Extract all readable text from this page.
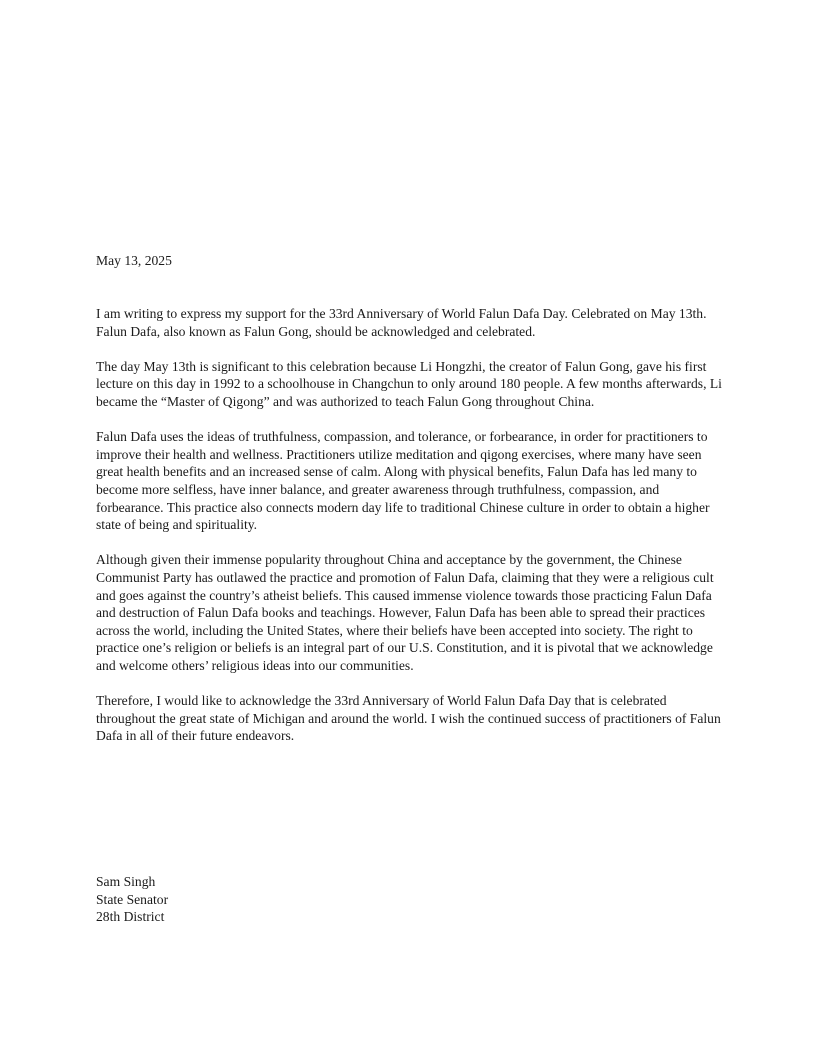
May 13, 2025

I am writing to express my support for the 33rd Anniversary of World Falun Dafa Day. Celebrated on May 13th. Falun Dafa, also known as Falun Gong, should be acknowledged and celebrated.

The day May 13th is significant to this celebration because Li Hongzhi, the creator of Falun Gong, gave his first lecture on this day in 1992 to a schoolhouse in Changchun to only around 180 people. A few months afterwards, Li became the “Master of Qigong” and was authorized to teach Falun Gong throughout China.

Falun Dafa uses the ideas of truthfulness, compassion, and tolerance, or forbearance, in order for practitioners to improve their health and wellness. Practitioners utilize meditation and qigong exercises, where many have seen great health benefits and an increased sense of calm. Along with physical benefits, Falun Dafa has led many to become more selfless, have inner balance, and greater awareness through truthfulness, compassion, and forbearance. This practice also connects modern day life to traditional Chinese culture in order to obtain a higher state of being and spirituality.

Although given their immense popularity throughout China and acceptance by the government, the Chinese Communist Party has outlawed the practice and promotion of Falun Dafa, claiming that they were a religious cult and goes against the country’s atheist beliefs. This caused immense violence towards those practicing Falun Dafa and destruction of Falun Dafa books and teachings. However, Falun Dafa has been able to spread their practices across the world, including the United States, where their beliefs have been accepted into society. The right to practice one’s religion or beliefs is an integral part of our U.S. Constitution, and it is pivotal that we acknowledge and welcome others’ religious ideas into our communities.

Therefore, I would like to acknowledge the 33rd Anniversary of World Falun Dafa Day that is celebrated throughout the great state of Michigan and around the world. I wish the continued success of practitioners of Falun Dafa in all of their future endeavors.

Sam Singh
State Senator
28th District
